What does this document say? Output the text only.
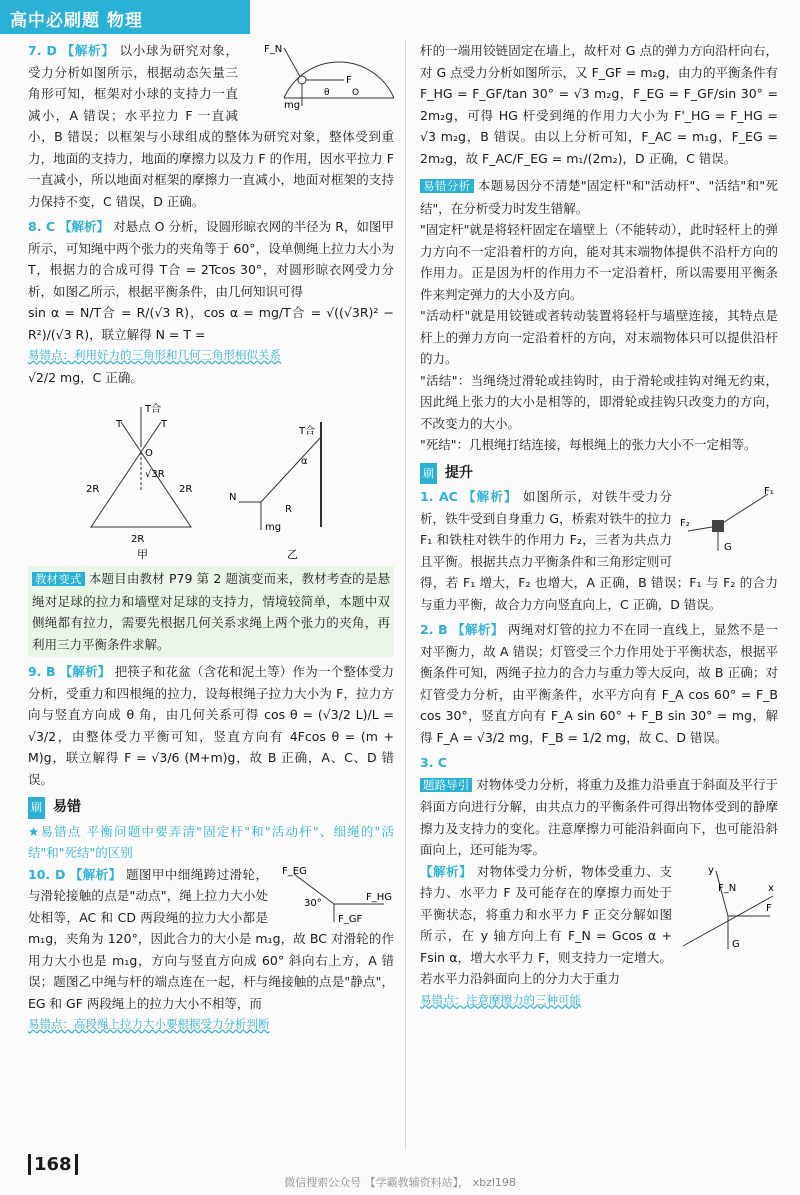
高中必刷题 物理
F_N
F
mg
θ O

7. D 【解析】 以小球为研究对象，受力分析如图所示，根据动态矢量三角形可知，框架对小球的支持力一直减小，A 错误；水平拉力 F 一直减小，B 错误；以框架与小球组成的整体为研究对象，整体受到重力，地面的支持力，地面的摩擦力以及力 F 的作用，因水平拉力 F 一直减小，所以地面对框架的摩擦力一直减小，地面对框架的支持力保持不变，C 错误，D 正确。

8. C 【解析】 对悬点 O 分析，设圆形晾衣网的半径为 R，如图甲所示，可知绳中两个张力的夹角等于 60°，设单侧绳上拉力大小为 T，根据力的合成可得 T合 = 2Tcos 30°，对圆形晾衣网受力分析，如图乙所示，根据平衡条件，由几何知识可得

sin α = N/T合 = R/(√3 R)，cos α = mg/T合 = √((√3R)² − R²)/(√3 R)，联立解得 N = T =

易错点：利用好力的三角形和几何三角形相似关系

√2/2 mg，C 正确。

T合
T	T
O
√3R
2R	2R
2R
甲
T合
α
N
R
mg
乙

教材变式 本题目由教材 P79 第 2 题演变而来，教材考查的是悬绳对足球的拉力和墙壁对足球的支持力，情境较简单，本题中双侧绳都有拉力，需要先根据几何关系求绳上两个张力的夹角，再利用三力平衡条件求解。

9. B 【解析】 把筷子和花盆（含花和泥土等）作为一个整体受力分析，受重力和四根绳的拉力，设每根绳子拉力大小为 F，拉力方向与竖直方向成 θ 角，由几何关系可得 cos θ = (√3/2 L)/L = √3/2，由整体受力平衡可知，竖直方向有 4Fcos θ = (m + M)g，联立解得 F = √3/6 (M+m)g，故 B 正确，A、C、D 错误。

刷 易错

★易错点 平衡问题中要弄清"固定杆"和"活动杆"、细绳的"活结"和"死结"的区别

30°
F_EG
F_HG
F_GF

10. D 【解析】 题图甲中细绳跨过滑轮，与滑轮接触的点是"动点"，绳上拉力大小处处相等，AC 和 CD 两段绳的拉力大小都是 m₁g，夹角为 120°，因此合力的大小是 m₁g，故 BC 对滑轮的作用力大小也是 m₁g，方向与竖直方向成 60° 斜向右上方，A 错误；题图乙中绳与杆的端点连在一起，杆与绳接触的点是"静点"，EG 和 GF 两段绳上的拉力大小不相等，而

易错点：高段绳上拉力大小要根据受力分析判断

杆的一端用铰链固定在墙上，故杆对 G 点的弹力方向沿杆向右，对 G 点受力分析如图所示，又 F_GF = m₂g，由力的平衡条件有 F_HG = F_GF/tan 30° = √3 m₂g，F_EG = F_GF/sin 30° = 2m₂g，可得 HG 杆受到绳的作用力大小为 F'_HG = F_HG = √3 m₂g，B 错误。由以上分析可知，F_AC = m₁g，F_EG = 2m₂g，故 F_AC/F_EG = m₁/(2m₂)，D 正确，C 错误。

易错分析 本题易因分不清楚"固定杆"和"活动杆"、"活结"和"死结"，在分析受力时发生错解。

"固定杆"就是将轻杆固定在墙壁上（不能转动），此时轻杆上的弹力方向不一定沿着杆的方向，能对其末端物体提供不沿杆方向的作用力。正是因为杆的作用力不一定沿着杆，所以需要用平衡条件来判定弹力的大小及方向。

"活动杆"就是用铰链或者转动装置将轻杆与墙壁连接，其特点是杆上的弹力方向一定沿着杆的方向，对末端物体只可以提供沿杆的力。

"活结"：当绳绕过滑轮或挂钩时，由于滑轮或挂钩对绳无约束，因此绳上张力的大小是相等的，即滑轮或挂钩只改变力的方向，不改变力的大小。

"死结"：几根绳打结连接，每根绳上的张力大小不一定相等。

刷 提升
F₁
F₂
G

1. AC 【解析】 如图所示，对铁牛受力分析，铁牛受到自身重力 G，桥索对铁牛的拉力 F₁ 和铁柱对铁牛的作用力 F₂，三者为共点力且平衡。根据共点力平衡条件和三角形定则可得，若 F₁ 增大，F₂ 也增大，A 正确，B 错误；F₁ 与 F₂ 的合力与重力平衡，故合力方向竖直向上，C 正确，D 错误。

2. B 【解析】 两绳对灯管的拉力不在同一直线上，显然不是一对平衡力，故 A 错误；灯管受三个力作用处于平衡状态，根据平衡条件可知，两绳子拉力的合力与重力等大反向，故 B 正确；对灯管受力分析，由平衡条件，水平方向有 F_A cos 60° = F_B cos 30°，竖直方向有 F_A sin 60° + F_B sin 30° = mg，解得 F_A = √3/2 mg，F_B = 1/2 mg，故 C、D 错误。

3. C

题路导引 对物体受力分析，将重力及推力沿垂直于斜面及平行于斜面方向进行分解，由共点力的平衡条件可得出物体受到的静摩擦力及支持力的变化。注意摩擦力可能沿斜面向下，也可能沿斜面向上，还可能为零。

y
F_N
F
G
x

【解析】 对物体受力分析，物体受重力、支持力、水平力 F 及可能存在的摩擦力而处于平衡状态，将重力和水平力 F 正交分解如图所示，在 y 轴方向上有 F_N = Gcos α + Fsin α，增大水平力 F，则支持力一定增大。若水平力沿斜面向上的分力大于重力

易错点：注意摩擦力的三种可能

168
微信搜索公众号 【学霸教辅资料站】， xbzl198
